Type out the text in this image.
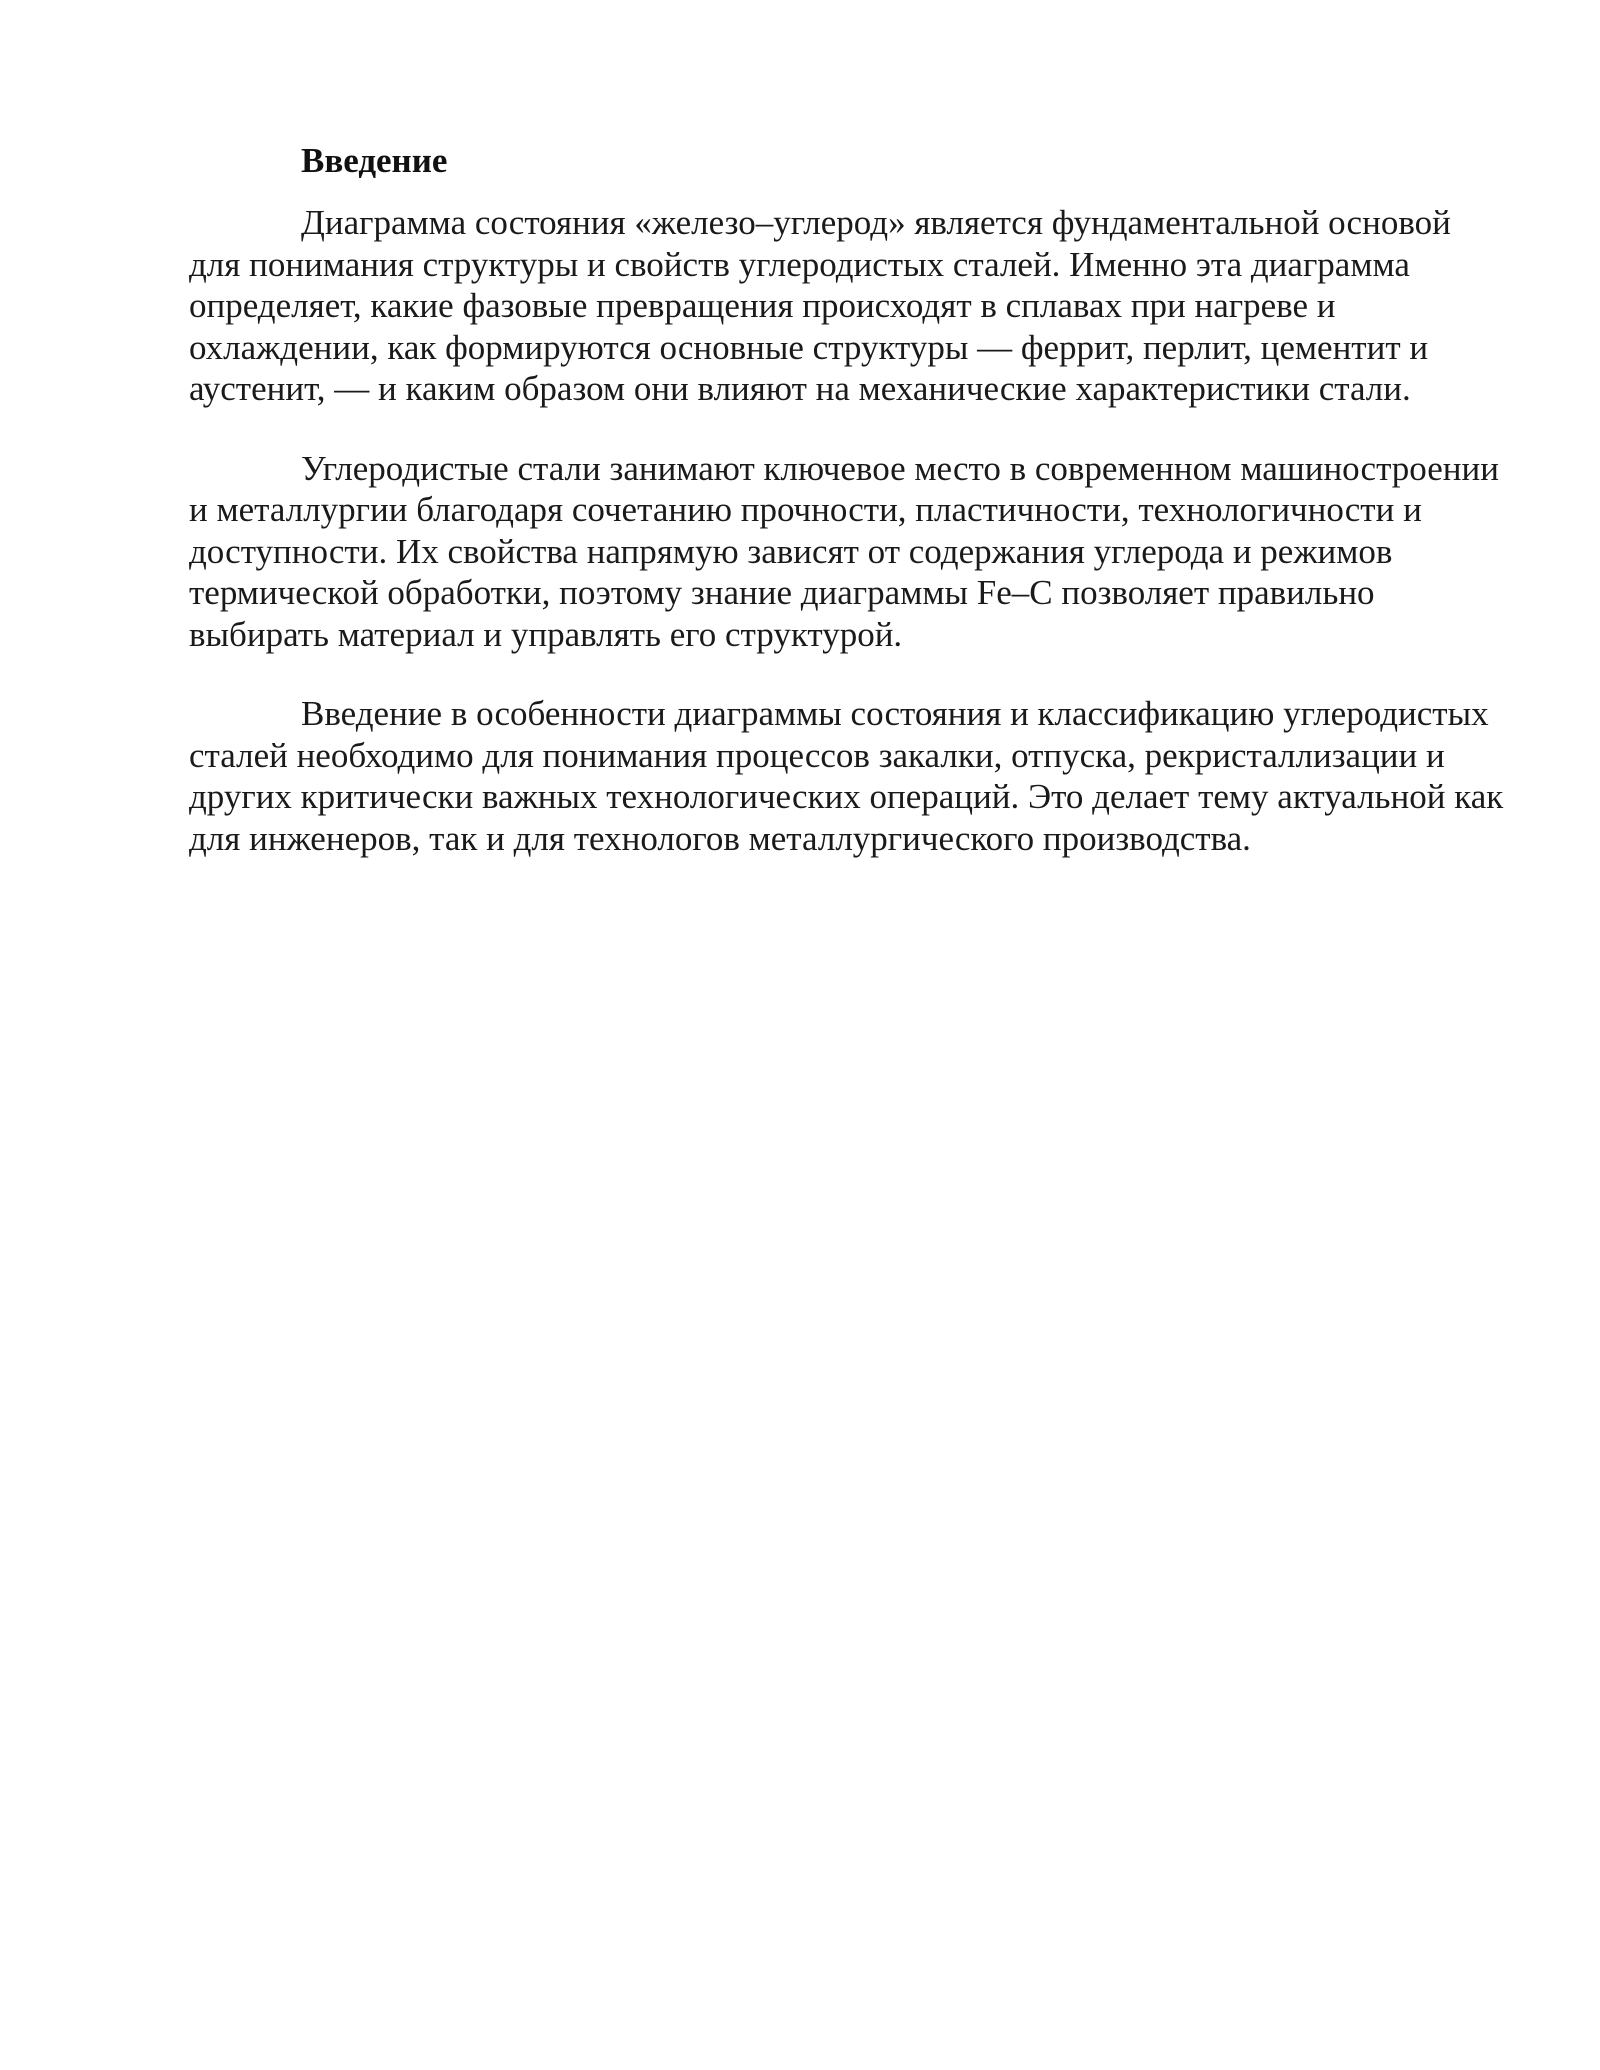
Введение

Диаграмма состояния «железо–углерод» является фундаментальной основой для понимания структуры и свойств углеродистых сталей. Именно эта диаграмма определяет, какие фазовые превращения происходят в сплавах при нагреве и охлаждении, как формируются основные структуры — феррит, перлит, цементит и аустенит, — и каким образом они влияют на механические характеристики стали.

Углеродистые стали занимают ключевое место в современном машиностроении и металлургии благодаря сочетанию прочности, пластичности, технологичности и доступности. Их свойства напрямую зависят от содержания углерода и режимов термической обработки, поэтому знание диаграммы Fe–C позволяет правильно выбирать материал и управлять его структурой.

Введение в особенности диаграммы состояния и классификацию углеродистых сталей необходимо для понимания процессов закалки, отпуска, рекристаллизации и других критически важных технологических операций. Это делает тему актуальной как для инженеров, так и для технологов металлургического производства.
